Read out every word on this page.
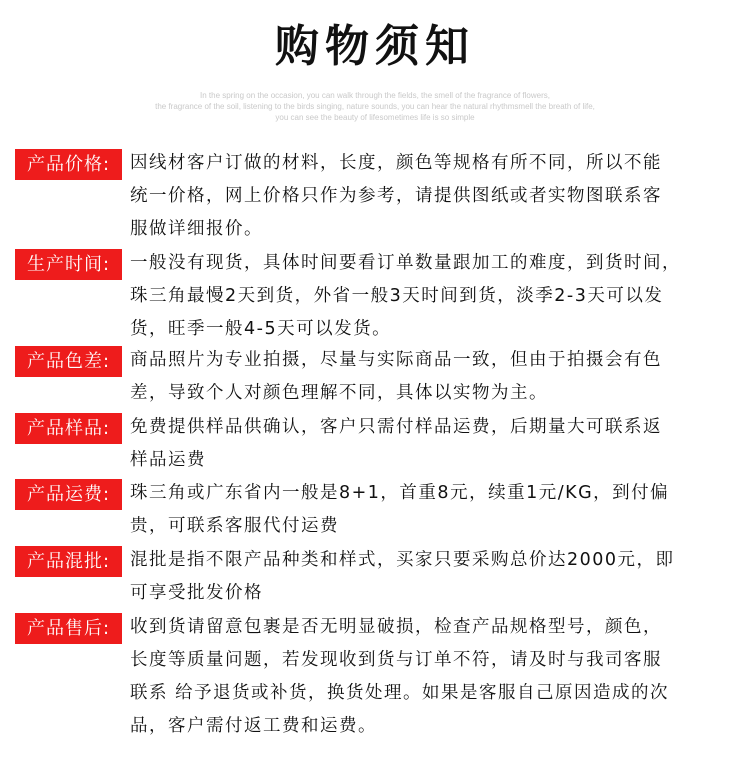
购物须知
In the spring on the occasion, you can walk through the fields, the smell of the fragrance of flowers,
the fragrance of the soil, listening to the birds singing, nature sounds, you can hear the natural rhythmsmell the breath of life,
you can see the beauty of lifesometimes life is so simple
产品价格:	因线材客户订做的材料，长度，颜色等规格有所不同，所以不能
统一价格，网上价格只作为参考，请提供图纸或者实物图联系客
服做详细报价。
生产时间:	一般没有现货，具体时间要看订单数量跟加工的难度，到货时间，
珠三角最慢2天到货，外省一般3天时间到货，淡季2-3天可以发
货，旺季一般4-5天可以发货。
产品色差:	商品照片为专业拍摄，尽量与实际商品一致，但由于拍摄会有色
差，导致个人对颜色理解不同，具体以实物为主。
产品样品:	免费提供样品供确认，客户只需付样品运费，后期量大可联系返
样品运费
产品运费:	珠三角或广东省内一般是8+1，首重8元，续重1元/KG，到付偏
贵，可联系客服代付运费
产品混批:	混批是指不限产品种类和样式，买家只要采购总价达2000元，即
可享受批发价格
产品售后:	收到货请留意包裹是否无明显破损，检查产品规格型号，颜色，
长度等质量问题，若发现收到货与订单不符，请及时与我司客服
联系 给予退货或补货，换货处理。如果是客服自己原因造成的次
品，客户需付返工费和运费。
